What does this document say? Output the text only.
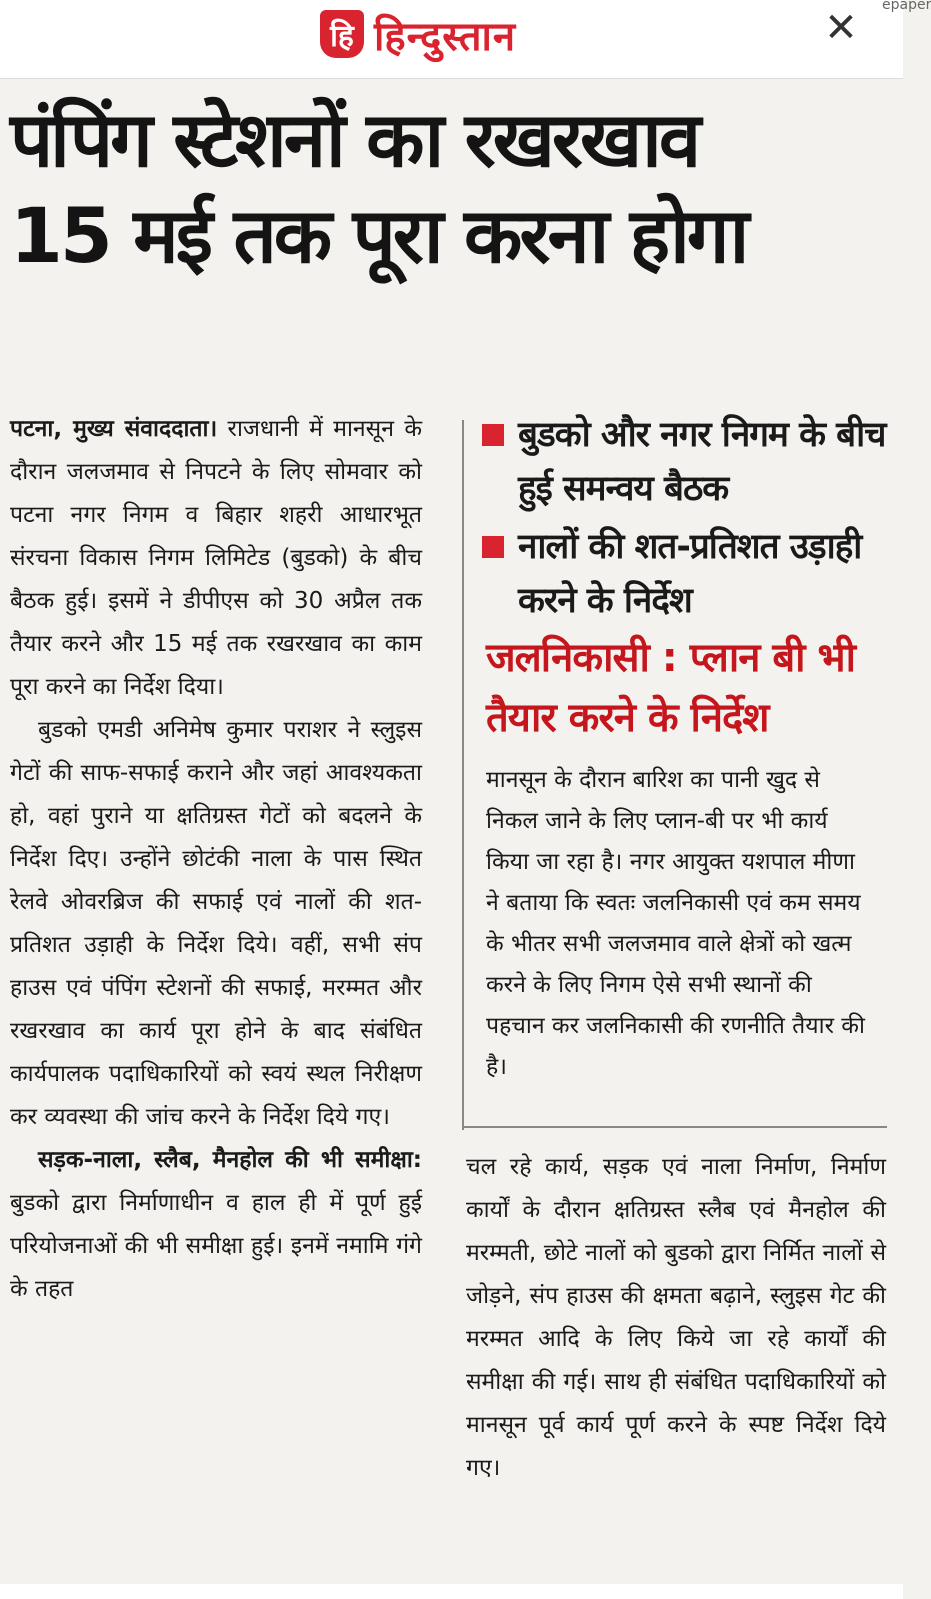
हि
epaper
हिन्दुस्तान	✕
पंपिंग स्टेशनों का रखरखाव
15 मई तक पूरा करना होगा

पटना, मुख्य संवाददाता। राजधानी में मानसून के दौरान जलजमाव से निपटने के लिए सोमवार को पटना नगर निगम व बिहार शहरी आधारभूत संरचना विकास निगम लिमिटेड (बुडको) के बीच बैठक हुई। इसमें ने डीपीएस को 30 अप्रैल तक तैयार करने और 15 मई तक रखरखाव का काम पूरा करने का निर्देश दिया।

बुडको एमडी अनिमेष कुमार पराशर ने स्लुइस गेटों की साफ-सफाई कराने और जहां आवश्यकता हो, वहां पुराने या क्षतिग्रस्त गेटों को बदलने के निर्देश दिए। उन्होंने छोटंकी नाला के पास स्थित रेलवे ओवरब्रिज की सफाई एवं नालों की शत-प्रतिशत उड़ाही के निर्देश दिये। वहीं, सभी संप हाउस एवं पंपिंग स्टेशनों की सफाई, मरम्मत और रखरखाव का कार्य पूरा होने के बाद संबंधित कार्यपालक पदाधिकारियों को स्वयं स्थल निरीक्षण कर व्यवस्था की जांच करने के निर्देश दिये गए।

सड़क-नाला, स्लैब, मैनहोल की भी समीक्षा: बुडको द्वारा निर्माणाधीन व हाल ही में पूर्ण हुई परियोजनाओं की भी समीक्षा हुई। इनमें नमामि गंगे के तहत

बुडको और नगर निगम के बीच हुई समन्वय बैठक
नालों की शत-प्रतिशत उड़ाही करने के निर्देश
जलनिकासी : प्लान बी भी तैयार करने के निर्देश
मानसून के दौरान बारिश का पानी खुद से निकल जाने के लिए प्लान-बी पर भी कार्य किया जा रहा है। नगर आयुक्त यशपाल मीणा ने बताया कि स्वतः जलनिकासी एवं कम समय के भीतर सभी जलजमाव वाले क्षेत्रों को खत्म करने के लिए निगम ऐसे सभी स्थानों की पहचान कर जलनिकासी की रणनीति तैयार की है।
चल रहे कार्य, सड़क एवं नाला निर्माण, निर्माण कार्यों के दौरान क्षतिग्रस्त स्लैब एवं मैनहोल की मरम्मती, छोटे नालों को बुडको द्वारा निर्मित नालों से जोड़ने, संप हाउस की क्षमता बढ़ाने, स्लुइस गेट की मरम्मत आदि के लिए किये जा रहे कार्यों की समीक्षा की गई। साथ ही संबंधित पदाधिकारियों को मानसून पूर्व कार्य पूर्ण करने के स्पष्ट निर्देश दिये गए।
